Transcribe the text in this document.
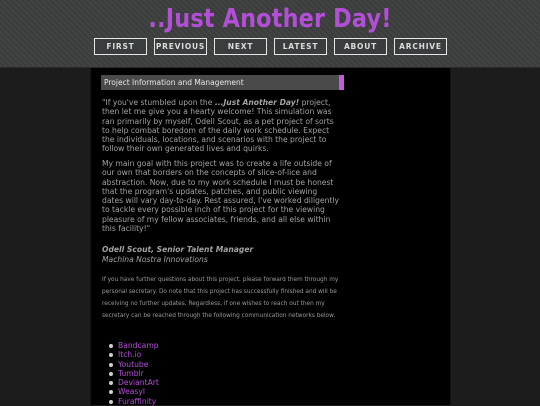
..Just Another Day!
FIRST	PREVIOUS	NEXT	LATEST	ABOUT	ARCHIVE
Project Information and Management

"If you've stumbled upon the ...Just Another Day! project, then let me give you a hearty welcome! This simulation was ran primarily by myself, Odell Scout, as a pet project of sorts to help combat boredom of the daily work schedule. Expect the individuals, locations, and scenarios with the project to follow their own generated lives and quirks.

My main goal with this project was to create a life outside of our own that borders on the concepts of slice-of-lice and abstraction. Now, due to my work schedule I must be honest that the program's updates, patches, and public viewing dates will vary day-to-day. Rest assured, I've worked diligently to tackle every possible inch of this project for the viewing pleasure of my fellow associates, friends, and all else within this facility!"

Odell Scout, Senior Talent Manager
Machina Nostra Innovations

If you have further questions about this project, please forward them through my personal secretary. Do note that this project has successfully finished and will be receiving no further updates. Regardless, if one wishes to reach out then my secretary can be reached through the following communication networks below.

Bandcamp
Itch.io
Youtube
Tumblr
DeviantArt
Weasyl
Furaffinity
